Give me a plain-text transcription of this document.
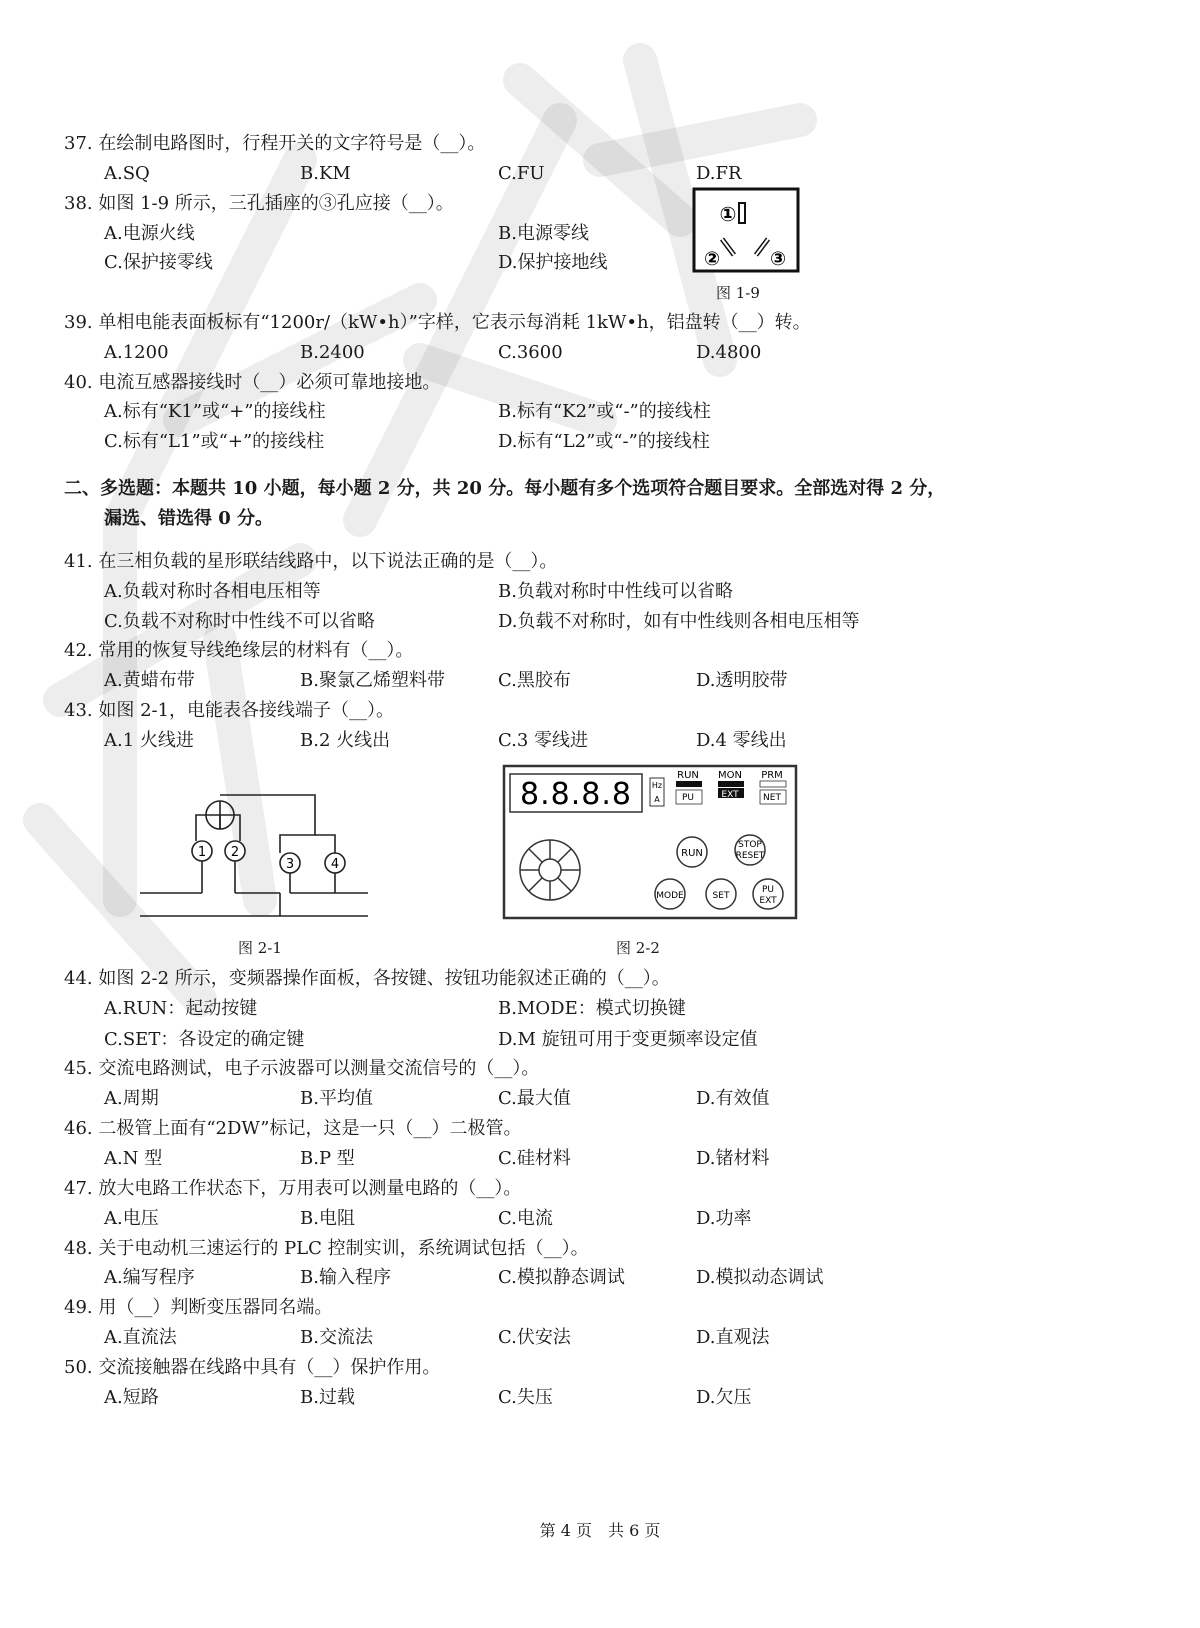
37. 在绘制电路图时，行程开关的文字符号是（__）。
A.SQ	B.KM	C.FU	D.FR
38. 如图 1-9 所示，三孔插座的③孔应接（__）。
A.电源火线	B.电源零线
C.保护接零线	D.保护接地线
①
②	③
图 1-9
39. 单相电能表面板标有“1200r/（kW•h）”字样，它表示每消耗 1kW•h，铝盘转（__）转。
A.1200	B.2400	C.3600	D.4800
40. 电流互感器接线时（__）必须可靠地接地。
A.标有“K1”或“+”的接线柱	B.标有“K2”或“-”的接线柱
C.标有“L1”或“+”的接线柱	D.标有“L2”或“-”的接线柱
二、多选题：本题共 10 小题，每小题 2 分，共 20 分。每小题有多个选项符合题目要求。全部选对得 2 分，
漏选、错选得 0 分。
41. 在三相负载的星形联结线路中，以下说法正确的是（__）。
A.负载对称时各相电压相等	B.负载对称时中性线可以省略
C.负载不对称时中性线不可以省略	D.负载不对称时，如有中性线则各相电压相等
42. 常用的恢复导线绝缘层的材料有（__）。
A.黄蜡布带	B.聚氯乙烯塑料带	C.黑胶布	D.透明胶带
43. 如图 2-1，电能表各接线端子（__）。
A.1 火线进	B.2 火线出	C.3 零线进	D.4 零线出
1 2
3	4
图 2-1
8.8.8.8 Hz
A
RUN MON PRM
PU	EXT	NET
RUN
STOP
RESET
MODE	SET
PU
EXT
图 2-2
44. 如图 2-2 所示，变频器操作面板，各按键、按钮功能叙述正确的（__）。
A.RUN：起动按键	B.MODE：模式切换键
C.SET：各设定的确定键	D.M 旋钮可用于变更频率设定值
45. 交流电路测试，电子示波器可以测量交流信号的（__）。
A.周期	B.平均值	C.最大值	D.有效值
46. 二极管上面有“2DW”标记，这是一只（__）二极管。
A.N 型	B.P 型	C.硅材料	D.锗材料
47. 放大电路工作状态下，万用表可以测量电路的（__）。
A.电压	B.电阻	C.电流	D.功率
48. 关于电动机三速运行的 PLC 控制实训，系统调试包括（__）。
A.编写程序	B.输入程序	C.模拟静态调试	D.模拟动态调试
49. 用（__）判断变压器同名端。
A.直流法	B.交流法	C.伏安法	D.直观法
50. 交流接触器在线路中具有（__）保护作用。
A.短路	B.过载	C.失压	D.欠压
第 4 页　共 6 页
